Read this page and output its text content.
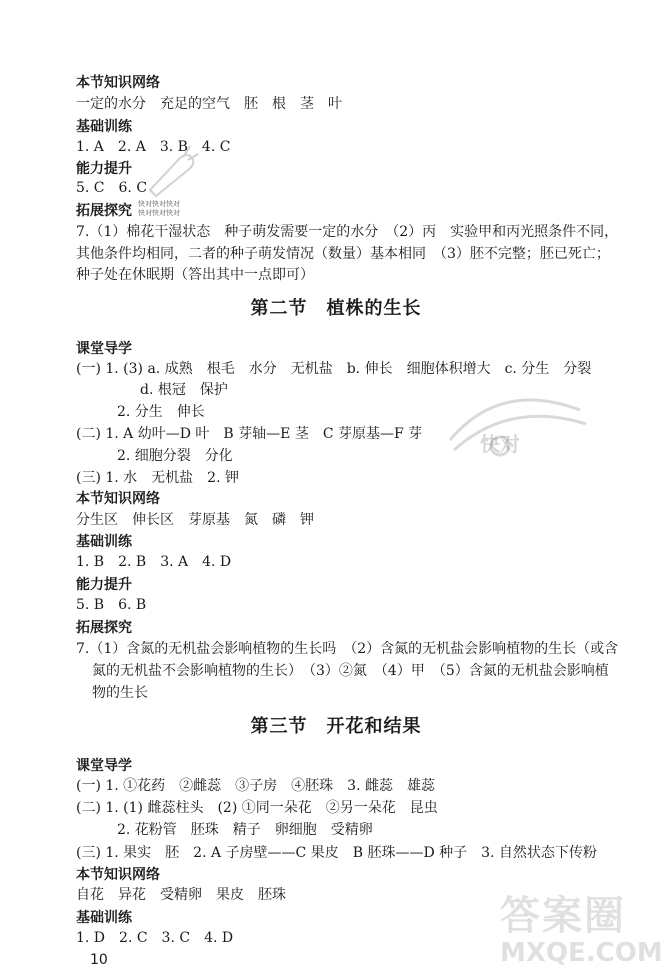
本节知识网络
一定的水分　充足的空气　胚　根　茎　叶
基础训练
1. A　2. A　3. B　4. C
能力提升
5. C　6. C
拓展探究 快对快对快对
快对快对快对
7.（1）棉花干湿状态　种子萌发需要一定的水分　（2）丙　实验甲和丙光照条件不同，
其他条件均相同，二者的种子萌发情况（数量）基本相同　（3）胚不完整；胚已死亡；
种子处在休眠期（答出其中一点即可）
第二节　植株的生长
课堂导学
(一) 1. (3) a. 成熟　根毛　水分　无机盐　b. 伸长　细胞体积增大　c. 分生　分裂
d. 根冠　保护
2. 分生　伸长
(二) 1. A 幼叶—D 叶　B 芽轴—E 茎　C 芽原基—F 芽
2. 细胞分裂　分化
(三) 1. 水　无机盐　2. 钾
本节知识网络
分生区　伸长区　芽原基　氮　磷　钾
基础训练
1. B　2. B　3. A　4. D
能力提升
5. B　6. B
拓展探究
7.（1）含氮的无机盐会影响植物的生长吗　（2）含氮的无机盐会影响植物的生长（或含
氮的无机盐不会影响植物的生长）　（3）②氮　（4）甲　（5）含氮的无机盐会影响植
物的生长
快对
第三节　开花和结果
课堂导学
(一) 1. ①花药　②雌蕊　③子房　④胚珠　3. 雌蕊　雄蕊
(二) 1. (1) 雌蕊柱头　(2) ①同一朵花　②另一朵花　昆虫
2. 花粉管　胚珠　精子　卵细胞　受精卵
(三) 1. 果实　胚　2. A 子房壁——C 果皮　B 胚珠——D 种子　3. 自然状态下传粉
本节知识网络
自花　异花　受精卵　果皮　胚珠
基础训练
1. D　2. C　3. C　4. D	答案圈
MXQE.COM
10
